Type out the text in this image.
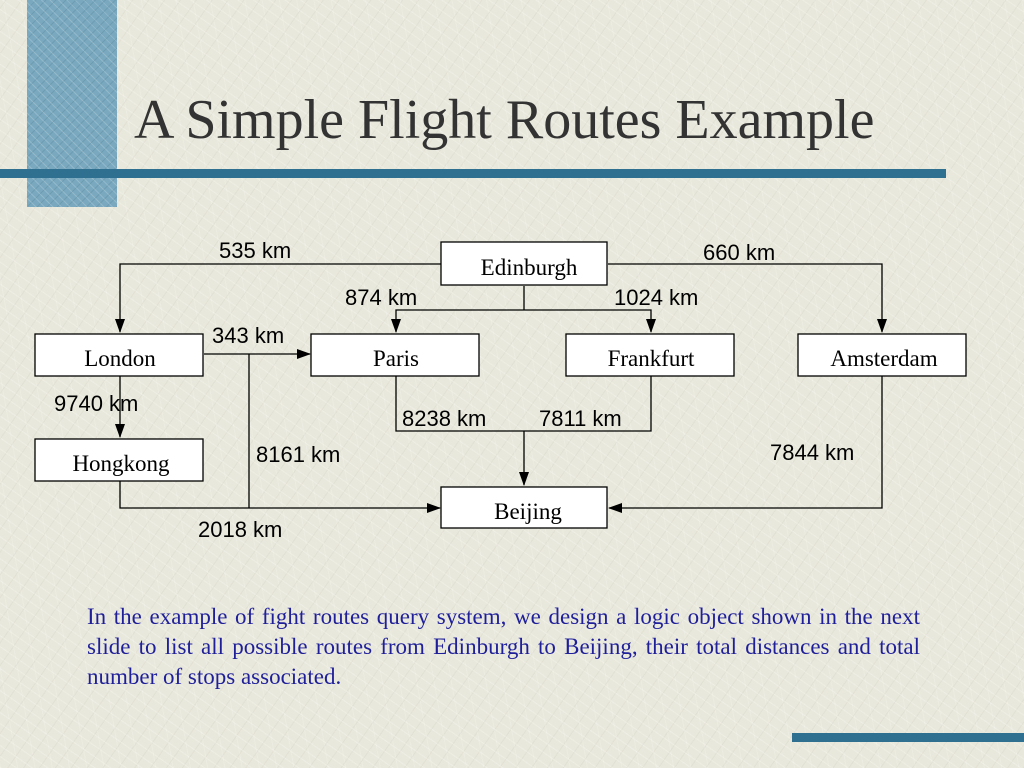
A Simple Flight Routes Example
Edinburgh
London	Paris	Frankfurt	Amsterdam
Hongkong
Beijing
535 km	660 km
874 km	1024 km
343 km
9740 km
8161 km
8238 km 7811 km
7844 km
2018 km

In the example of fight routes query system, we design a logic object shown in the next slide to list all possible routes from Edinburgh to Beijing, their total distances and total number of stops associated.
